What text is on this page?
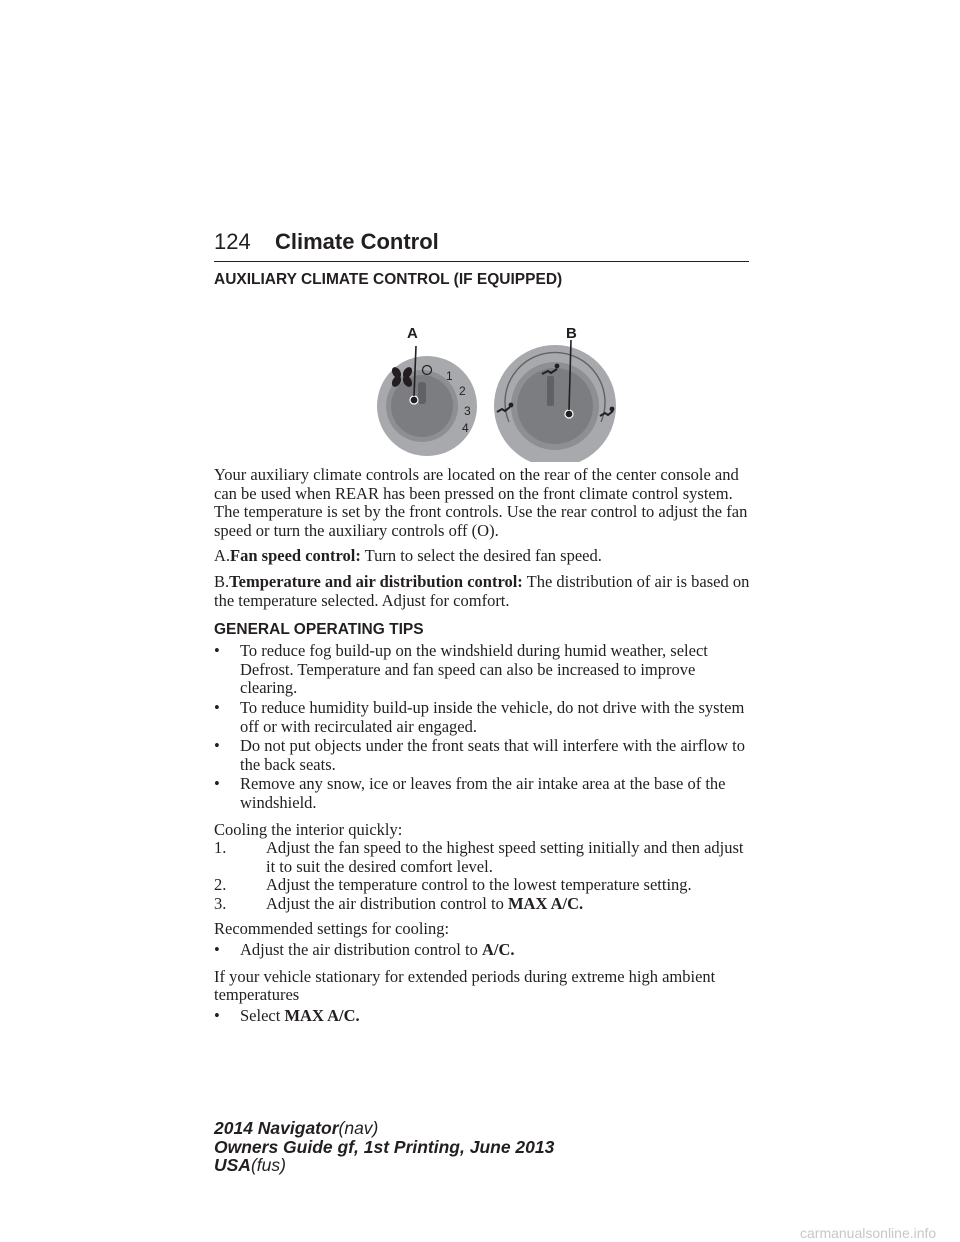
124 Climate Control
AUXILIARY CLIMATE CONTROL (IF EQUIPPED)
1
2
3
4
A	B

Your auxiliary climate controls are located on the rear of the center console and can be used when REAR has been pressed on the front climate control system. The temperature is set by the front controls. Use the rear control to adjust the fan speed or turn the auxiliary controls off (O).

A.Fan speed control: Turn to select the desired fan speed.

B.Temperature and air distribution control: The distribution of air is based on the temperature selected. Adjust for comfort.

GENERAL OPERATING TIPS
• To reduce fog build-up on the windshield during humid weather, select Defrost. Temperature and fan speed can also be increased to improve clearing.
• To reduce humidity build-up inside the vehicle, do not drive with the system off or with recirculated air engaged.
• Do not put objects under the front seats that will interfere with the airflow to the back seats.
• Remove any snow, ice or leaves from the air intake area at the base of the windshield.

Cooling the interior quickly:

1. Adjust the fan speed to the highest speed setting initially and then adjust it to suit the desired comfort level.
2. Adjust the temperature control to the lowest temperature setting.
3. Adjust the air distribution control to MAX A/C.

Recommended settings for cooling:

• Adjust the air distribution control to A/C.

If your vehicle stationary for extended periods during extreme high ambient temperatures

• Select MAX A/C.
2014 Navigator(nav)
Owners Guide gf, 1st Printing, June 2013
USA(fus)
carmanualsonline.info
